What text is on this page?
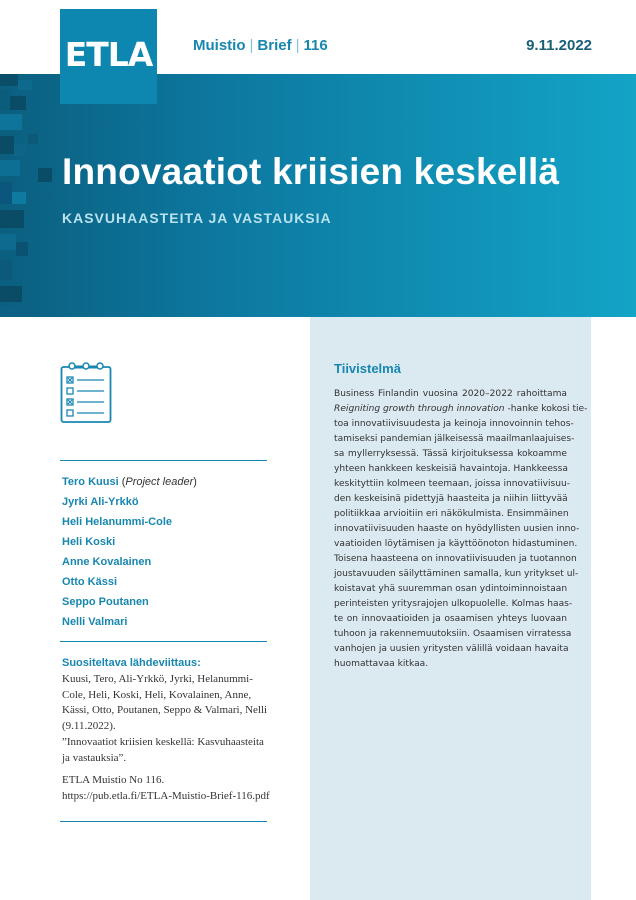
ETLA	Muistio | Brief | 116	9.11.2022
Innovaatiot kriisien keskellä
KASVUHAASTEITA JA VASTAUKSIA
Tero Kuusi (Project leader)
Jyrki Ali-Yrkkö
Heli Helanummi-Cole
Heli Koski
Anne Kovalainen
Otto Kässi
Seppo Poutanen
Nelli Valmari
Suositeltava lähdeviittaus:
Kuusi, Tero, Ali-Yrkkö, Jyrki, Helanummi-
Cole, Heli, Koski, Heli, Kovalainen, Anne,
Kässi, Otto, Poutanen, Seppo & Valmari, Nelli
(9.11.2022).
”Innovaatiot kriisien keskellä: Kasvuhaasteita
ja vastauksia”.
ETLA Muistio No 116.
https://pub.etla.fi/ETLA-Muistio-Brief-116.pdf
Tiivistelmä

Business Finlandin vuosina 2020–2022 rahoittama
Reigniting growth through innovation -hanke kokosi tie-
toa innovatiivisuudesta ja keinoja innovoinnin tehos-
tamiseksi pandemian jälkeisessä maailmanlaajuises-
sa myllerryksessä. Tässä kirjoituksessa kokoamme
yhteen hankkeen keskeisiä havaintoja. Hankkeessa
keskityttiin kolmeen teemaan, joissa innovatiivisuu-
den keskeisinä pidettyjä haasteita ja niihin liittyvää
politiikkaa arvioitiin eri näkökulmista. Ensimmäinen
innovatiivisuuden haaste on hyödyllisten uusien inno-
vaatioiden löytämisen ja käyttöönoton hidastuminen.
Toisena haasteena on innovatiivisuuden ja tuotannon
joustavuuden säilyttäminen samalla, kun yritykset ul-
koistavat yhä suuremman osan ydintoiminnoistaan
perinteisten yritysrajojen ulkopuolelle. Kolmas haas-
te on innovaatioiden ja osaamisen yhteys luovaan
tuhoon ja rakennemuutoksiin. Osaamisen virratessa
vanhojen ja uusien yritysten välillä voidaan havaita
huomattavaa kitkaa.
